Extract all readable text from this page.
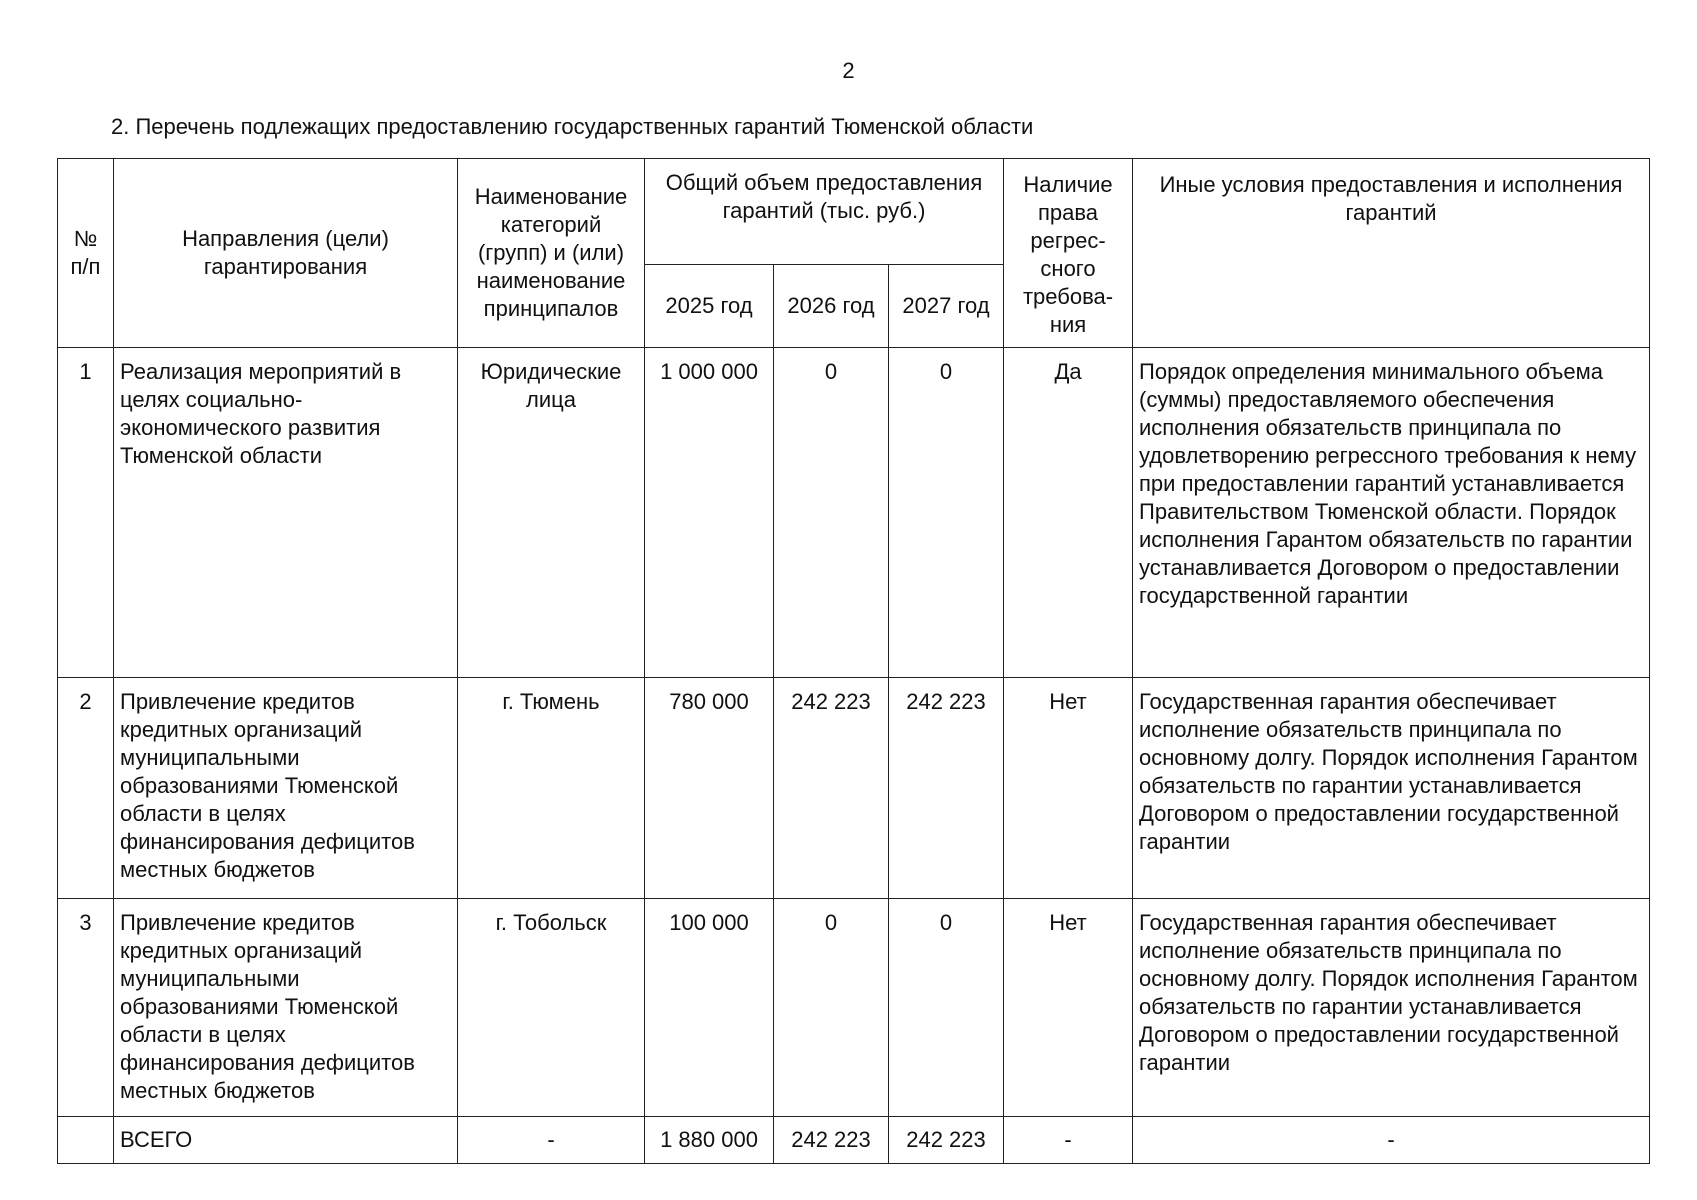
2
2. Перечень подлежащих предоставлению государственных гарантий Тюменской области
№ п/п	Направления (цели) гарантирования	Наименование категорий (групп) и (или) наименование принципалов	Общий объем предоставления гарантий (тыс. руб.)			Наличие права регрес-сного требова-ния	Иные условия предоставления и исполнения гарантий
			2025 год	2026 год	2027 год		
1	Реализация мероприятий в целях социально-экономического развития Тюменской области	Юридические лица	1 000 000	0	0	Да	Порядок определения минимального объема (суммы) предоставляемого обеспечения исполнения обязательств принципала по удовлетворению регрессного требования к нему при предоставлении гарантий устанавливается Правительством Тюменской области. Порядок исполнения Гарантом обязательств по гарантии устанавливается Договором о предоставлении государственной гарантии
2	Привлечение кредитов кредитных организаций муниципальными образованиями Тюменской области в целях финансирования дефицитов местных бюджетов	г. Тюмень	780 000	242 223	242 223	Нет	Государственная гарантия обеспечивает исполнение обязательств принципала по основному долгу. Порядок исполнения Гарантом обязательств по гарантии устанавливается Договором о предоставлении государственной гарантии
3	Привлечение кредитов кредитных организаций муниципальными образованиями Тюменской области в целях финансирования дефицитов местных бюджетов	г. Тобольск	100 000	0	0	Нет	Государственная гарантия обеспечивает исполнение обязательств принципала по основному долгу. Порядок исполнения Гарантом обязательств по гарантии устанавливается Договором о предоставлении государственной гарантии
	ВСЕГО	-	1 880 000	242 223	242 223	-	-
